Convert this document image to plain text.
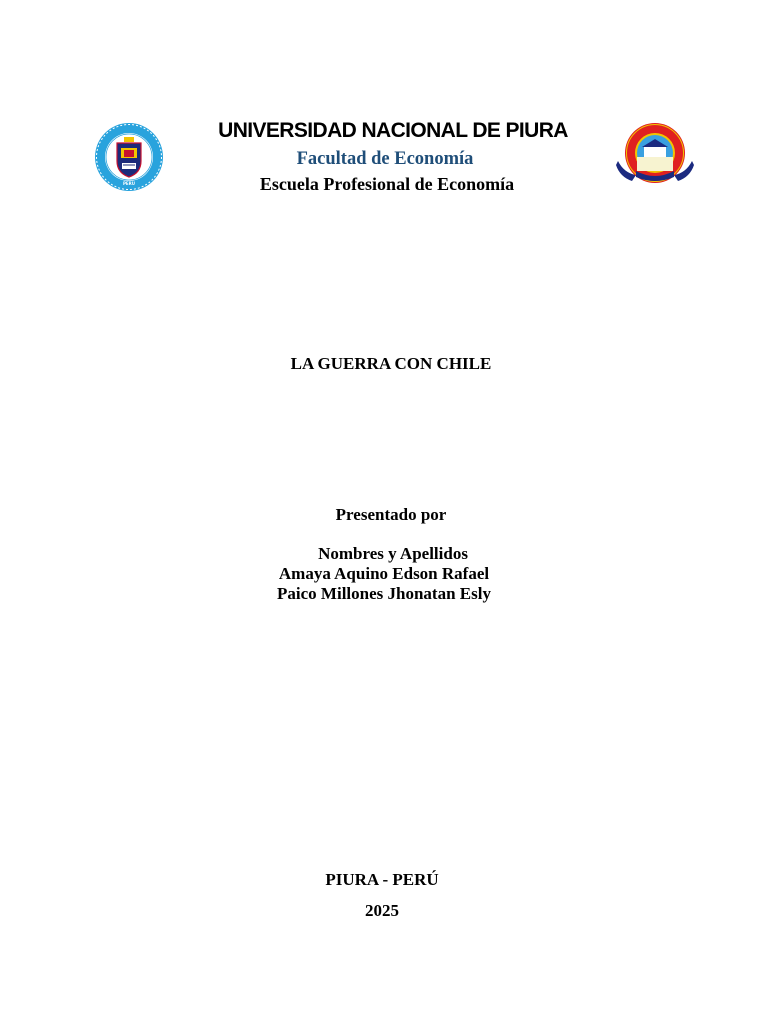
PERU
UNIVERSIDAD NACIONAL DE PIURA
Facultad de Economía
Escuela Profesional de Economía
LA GUERRA CON CHILE
Presentado por
Nombres y Apellidos
Amaya Aquino Edson Rafael
Paico Millones Jhonatan Esly
PIURA - PERÚ
2025
